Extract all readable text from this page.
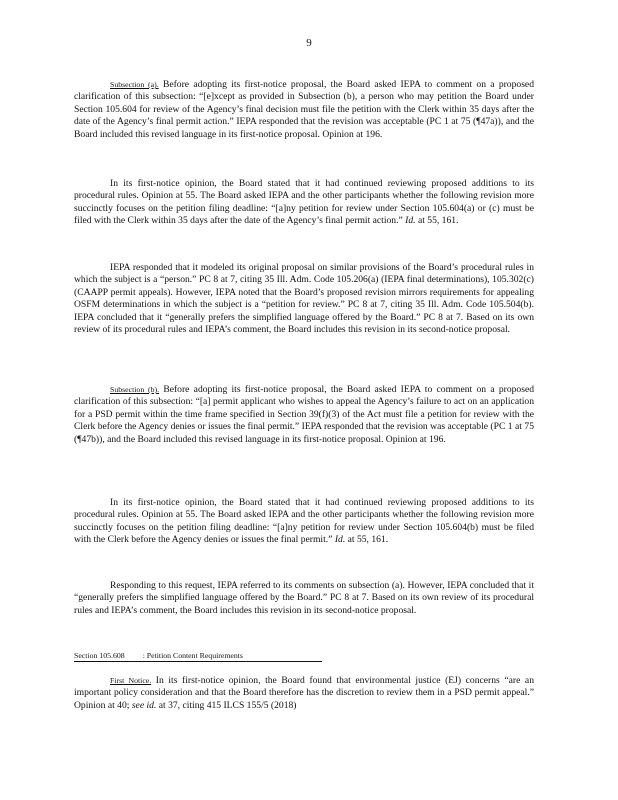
9

Subsection (a). Before adopting its first-notice proposal, the Board asked IEPA to comment on a proposed clarification of this subsection: “[e]xcept as provided in Subsection (b), a person who may petition the Board under Section 105.604 for review of the Agency’s final decision must file the petition with the Clerk within 35 days after the date of the Agency’s final permit action.” IEPA responded that the revision was acceptable (PC 1 at 75 (¶47a)), and the Board included this revised language in its first-notice proposal. Opinion at 196.

In its first-notice opinion, the Board stated that it had continued reviewing proposed additions to its procedural rules. Opinion at 55. The Board asked IEPA and the other participants whether the following revision more succinctly focuses on the petition filing deadline: “[a]ny petition for review under Section 105.604(a) or (c) must be filed with the Clerk within 35 days after the date of the Agency’s final permit action.” Id. at 55, 161.

IEPA responded that it modeled its original proposal on similar provisions of the Board’s procedural rules in which the subject is a “person.” PC 8 at 7, citing 35 Ill. Adm. Code 105.206(a) (IEPA final determinations), 105.302(c) (CAAPP permit appeals). However, IEPA noted that the Board’s proposed revision mirrors requirements for appealing OSFM determinations in which the subject is a “petition for review.” PC 8 at 7, citing 35 Ill. Adm. Code 105.504(b). IEPA concluded that it “generally prefers the simplified language offered by the Board.” PC 8 at 7. Based on its own review of its procedural rules and IEPA’s comment, the Board includes this revision in its second-notice proposal.

Subsection (b). Before adopting its first-notice proposal, the Board asked IEPA to comment on a proposed clarification of this subsection: “[a] permit applicant who wishes to appeal the Agency’s failure to act on an application for a PSD permit within the time frame specified in Section 39(f)(3) of the Act must file a petition for review with the Clerk before the Agency denies or issues the final permit.” IEPA responded that the revision was acceptable (PC 1 at 75 (¶47b)), and the Board included this revised language in its first-notice proposal. Opinion at 196.

In its first-notice opinion, the Board stated that it had continued reviewing proposed additions to its procedural rules. Opinion at 55. The Board asked IEPA and the other participants whether the following revision more succinctly focuses on the petition filing deadline: “[a]ny petition for review under Section 105.604(b) must be filed with the Clerk before the Agency denies or issues the final permit.” Id. at 55, 161.

Responding to this request, IEPA referred to its comments on subsection (a). However, IEPA concluded that it “generally prefers the simplified language offered by the Board.” PC 8 at 7. Based on its own review of its procedural rules and IEPA’s comment, the Board includes this revision in its second-notice proposal.

Section 105.608 : Petition Content Requirements

First Notice. In its first-notice opinion, the Board found that environmental justice (EJ) concerns “are an important policy consideration and that the Board therefore has the discretion to review them in a PSD permit appeal.” Opinion at 40; see id. at 37, citing 415 ILCS 155/5 (2018)
